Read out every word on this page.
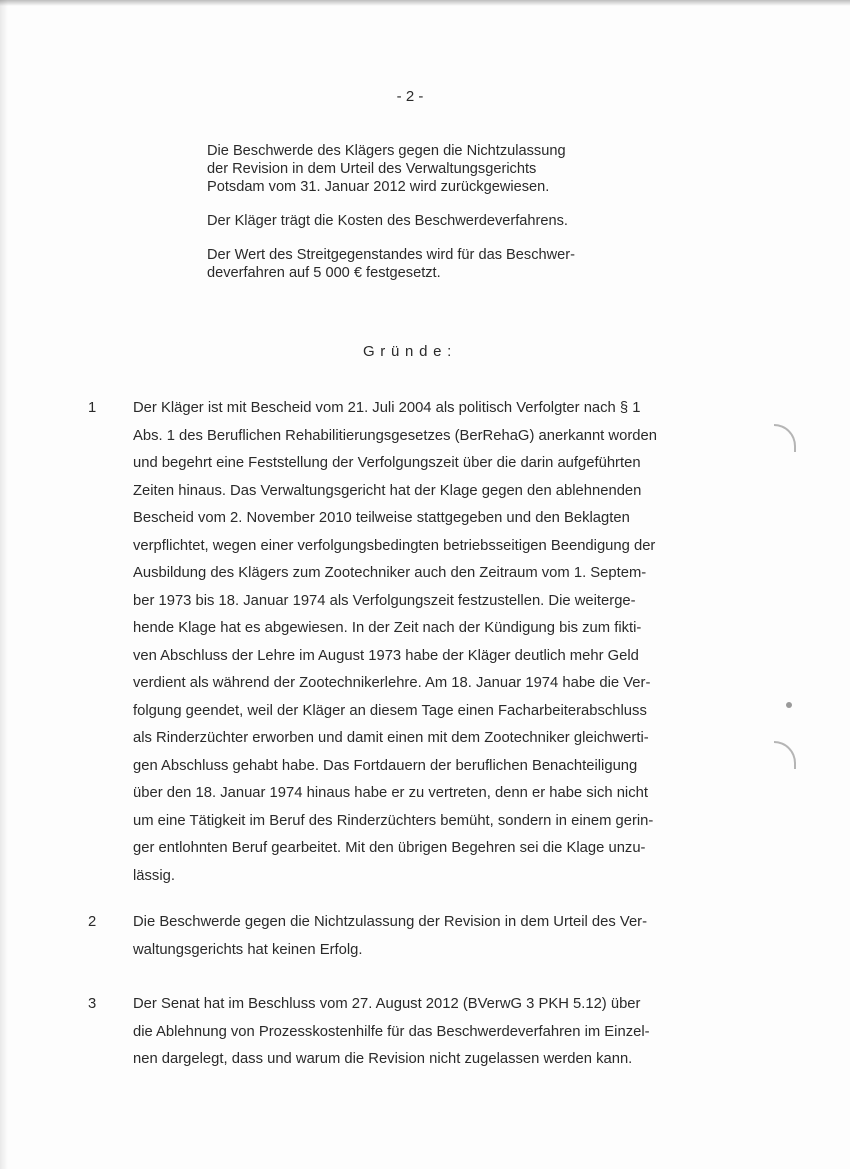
- 2 -

Die Beschwerde des Klägers gegen die Nichtzulassung
der Revision in dem Urteil des Verwaltungsgerichts
Potsdam vom 31. Januar 2012 wird zurückgewiesen.

Der Kläger trägt die Kosten des Beschwerdeverfahrens.

Der Wert des Streitgegenstandes wird für das Beschwer-
deverfahren auf 5 000 € festgesetzt.

Gründe:
1 Der Kläger ist mit Bescheid vom 21. Juli 2004 als politisch Verfolgter nach § 1
Abs. 1 des Beruflichen Rehabilitierungsgesetzes (BerRehaG) anerkannt worden
und begehrt eine Feststellung der Verfolgungszeit über die darin aufgeführten
Zeiten hinaus. Das Verwaltungsgericht hat der Klage gegen den ablehnenden
Bescheid vom 2. November 2010 teilweise stattgegeben und den Beklagten
verpflichtet, wegen einer verfolgungsbedingten betriebsseitigen Beendigung der
Ausbildung des Klägers zum Zootechniker auch den Zeitraum vom 1. Septem-
ber 1973 bis 18. Januar 1974 als Verfolgungszeit festzustellen. Die weiterge-
hende Klage hat es abgewiesen. In der Zeit nach der Kündigung bis zum fikti-
ven Abschluss der Lehre im August 1973 habe der Kläger deutlich mehr Geld
verdient als während der Zootechnikerlehre. Am 18. Januar 1974 habe die Ver-
folgung geendet, weil der Kläger an diesem Tage einen Facharbeiterabschluss
als Rinderzüchter erworben und damit einen mit dem Zootechniker gleichwerti-
gen Abschluss gehabt habe. Das Fortdauern der beruflichen Benachteiligung
über den 18. Januar 1974 hinaus habe er zu vertreten, denn er habe sich nicht
um eine Tätigkeit im Beruf des Rinderzüchters bemüht, sondern in einem gerin-
ger entlohnten Beruf gearbeitet. Mit den übrigen Begehren sei die Klage unzu-
lässig.
2 Die Beschwerde gegen die Nichtzulassung der Revision in dem Urteil des Ver-
waltungsgerichts hat keinen Erfolg.
3 Der Senat hat im Beschluss vom 27. August 2012 (BVerwG 3 PKH 5.12) über
die Ablehnung von Prozesskostenhilfe für das Beschwerdeverfahren im Einzel-
nen dargelegt, dass und warum die Revision nicht zugelassen werden kann.
